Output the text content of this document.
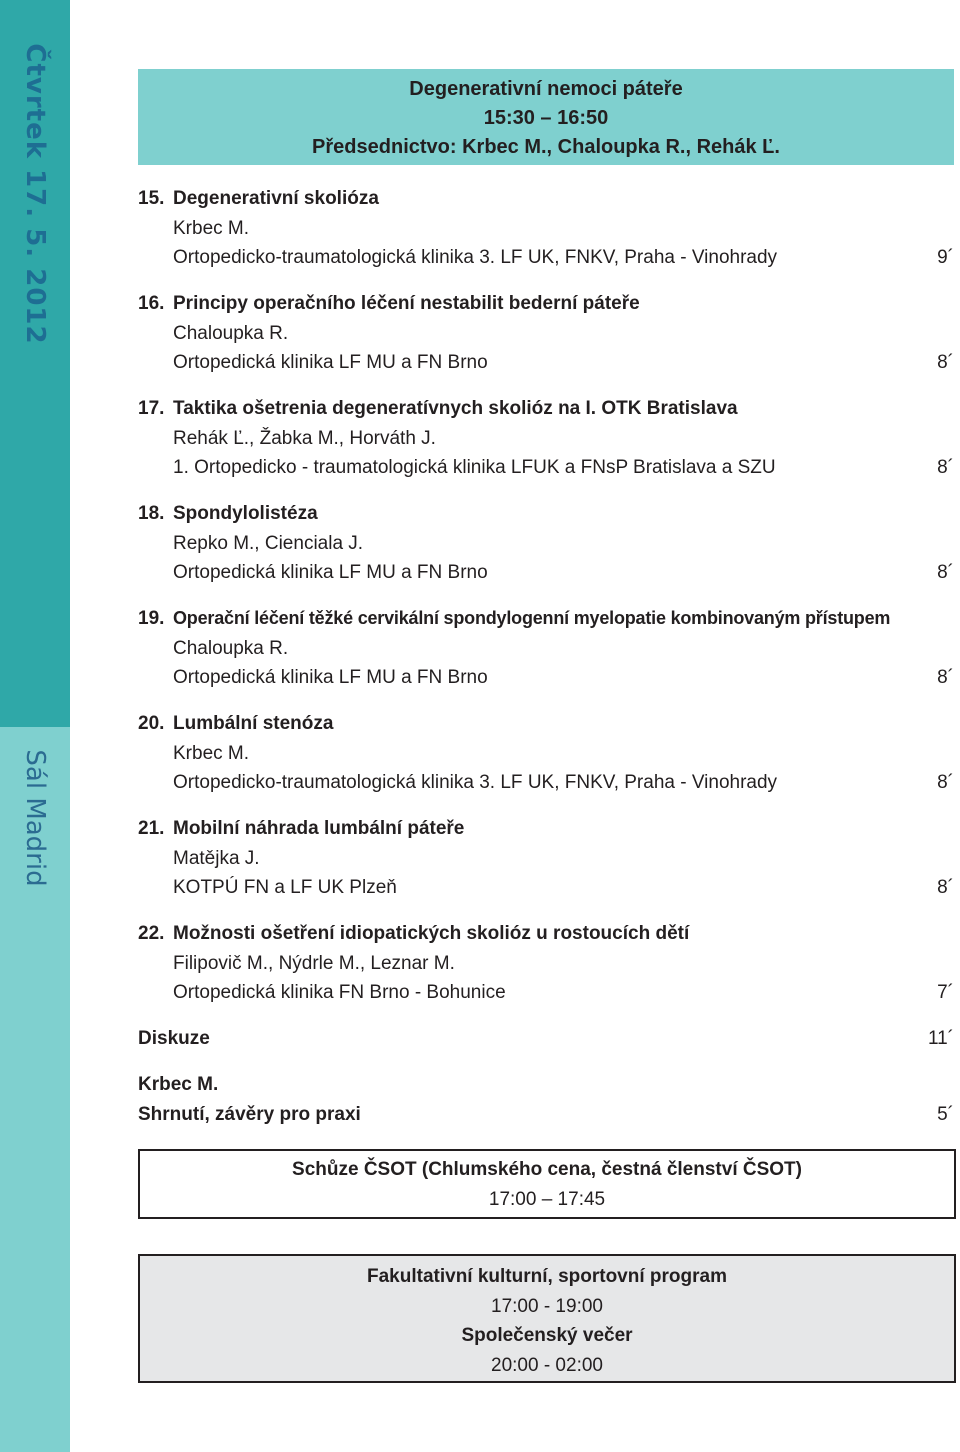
Čtvrtek 17. 5. 2012
Sál Madrid
Degenerativní nemoci páteře
15:30 – 16:50
Předsednictvo: Krbec M., Chaloupka R., Rehák Ľ.
15. Degenerativní skolióza
Krbec M.
Ortopedicko-traumatologická klinika 3. LF UK, FNKV, Praha - Vinohrady	9´
16. Principy operačního léčení nestabilit bederní páteře
Chaloupka R.
Ortopedická klinika LF MU a FN Brno	8´
17. Taktika ošetrenia degeneratívnych skolióz na I. OTK Bratislava
Rehák Ľ., Žabka M., Horváth J.
1. Ortopedicko - traumatologická klinika LFUK a FNsP Bratislava a SZU	8´
18. Spondylolistéza
Repko M., Cienciala J.
Ortopedická klinika LF MU a FN Brno	8´
19. Operační léčení těžké cervikální spondylogenní myelopatie kombinovaným přístupem
Chaloupka R.
Ortopedická klinika LF MU a FN Brno	8´
20. Lumbální stenóza
Krbec M.
Ortopedicko-traumatologická klinika 3. LF UK, FNKV, Praha - Vinohrady	8´
21. Mobilní náhrada lumbální páteře
Matějka J.
KOTPÚ FN a LF UK Plzeň	8´
22. Možnosti ošetření idiopatických skolióz u rostoucích dětí
Filipovič M., Nýdrle M., Leznar M.
Ortopedická klinika FN Brno - Bohunice	7´
Diskuze	11´
Krbec M.
Shrnutí, závěry pro praxi	5´
Schůze ČSOT (Chlumského cena, čestná členství ČSOT)
17:00 – 17:45
Fakultativní kulturní, sportovní program
17:00 - 19:00
Společenský večer
20:00 - 02:00
